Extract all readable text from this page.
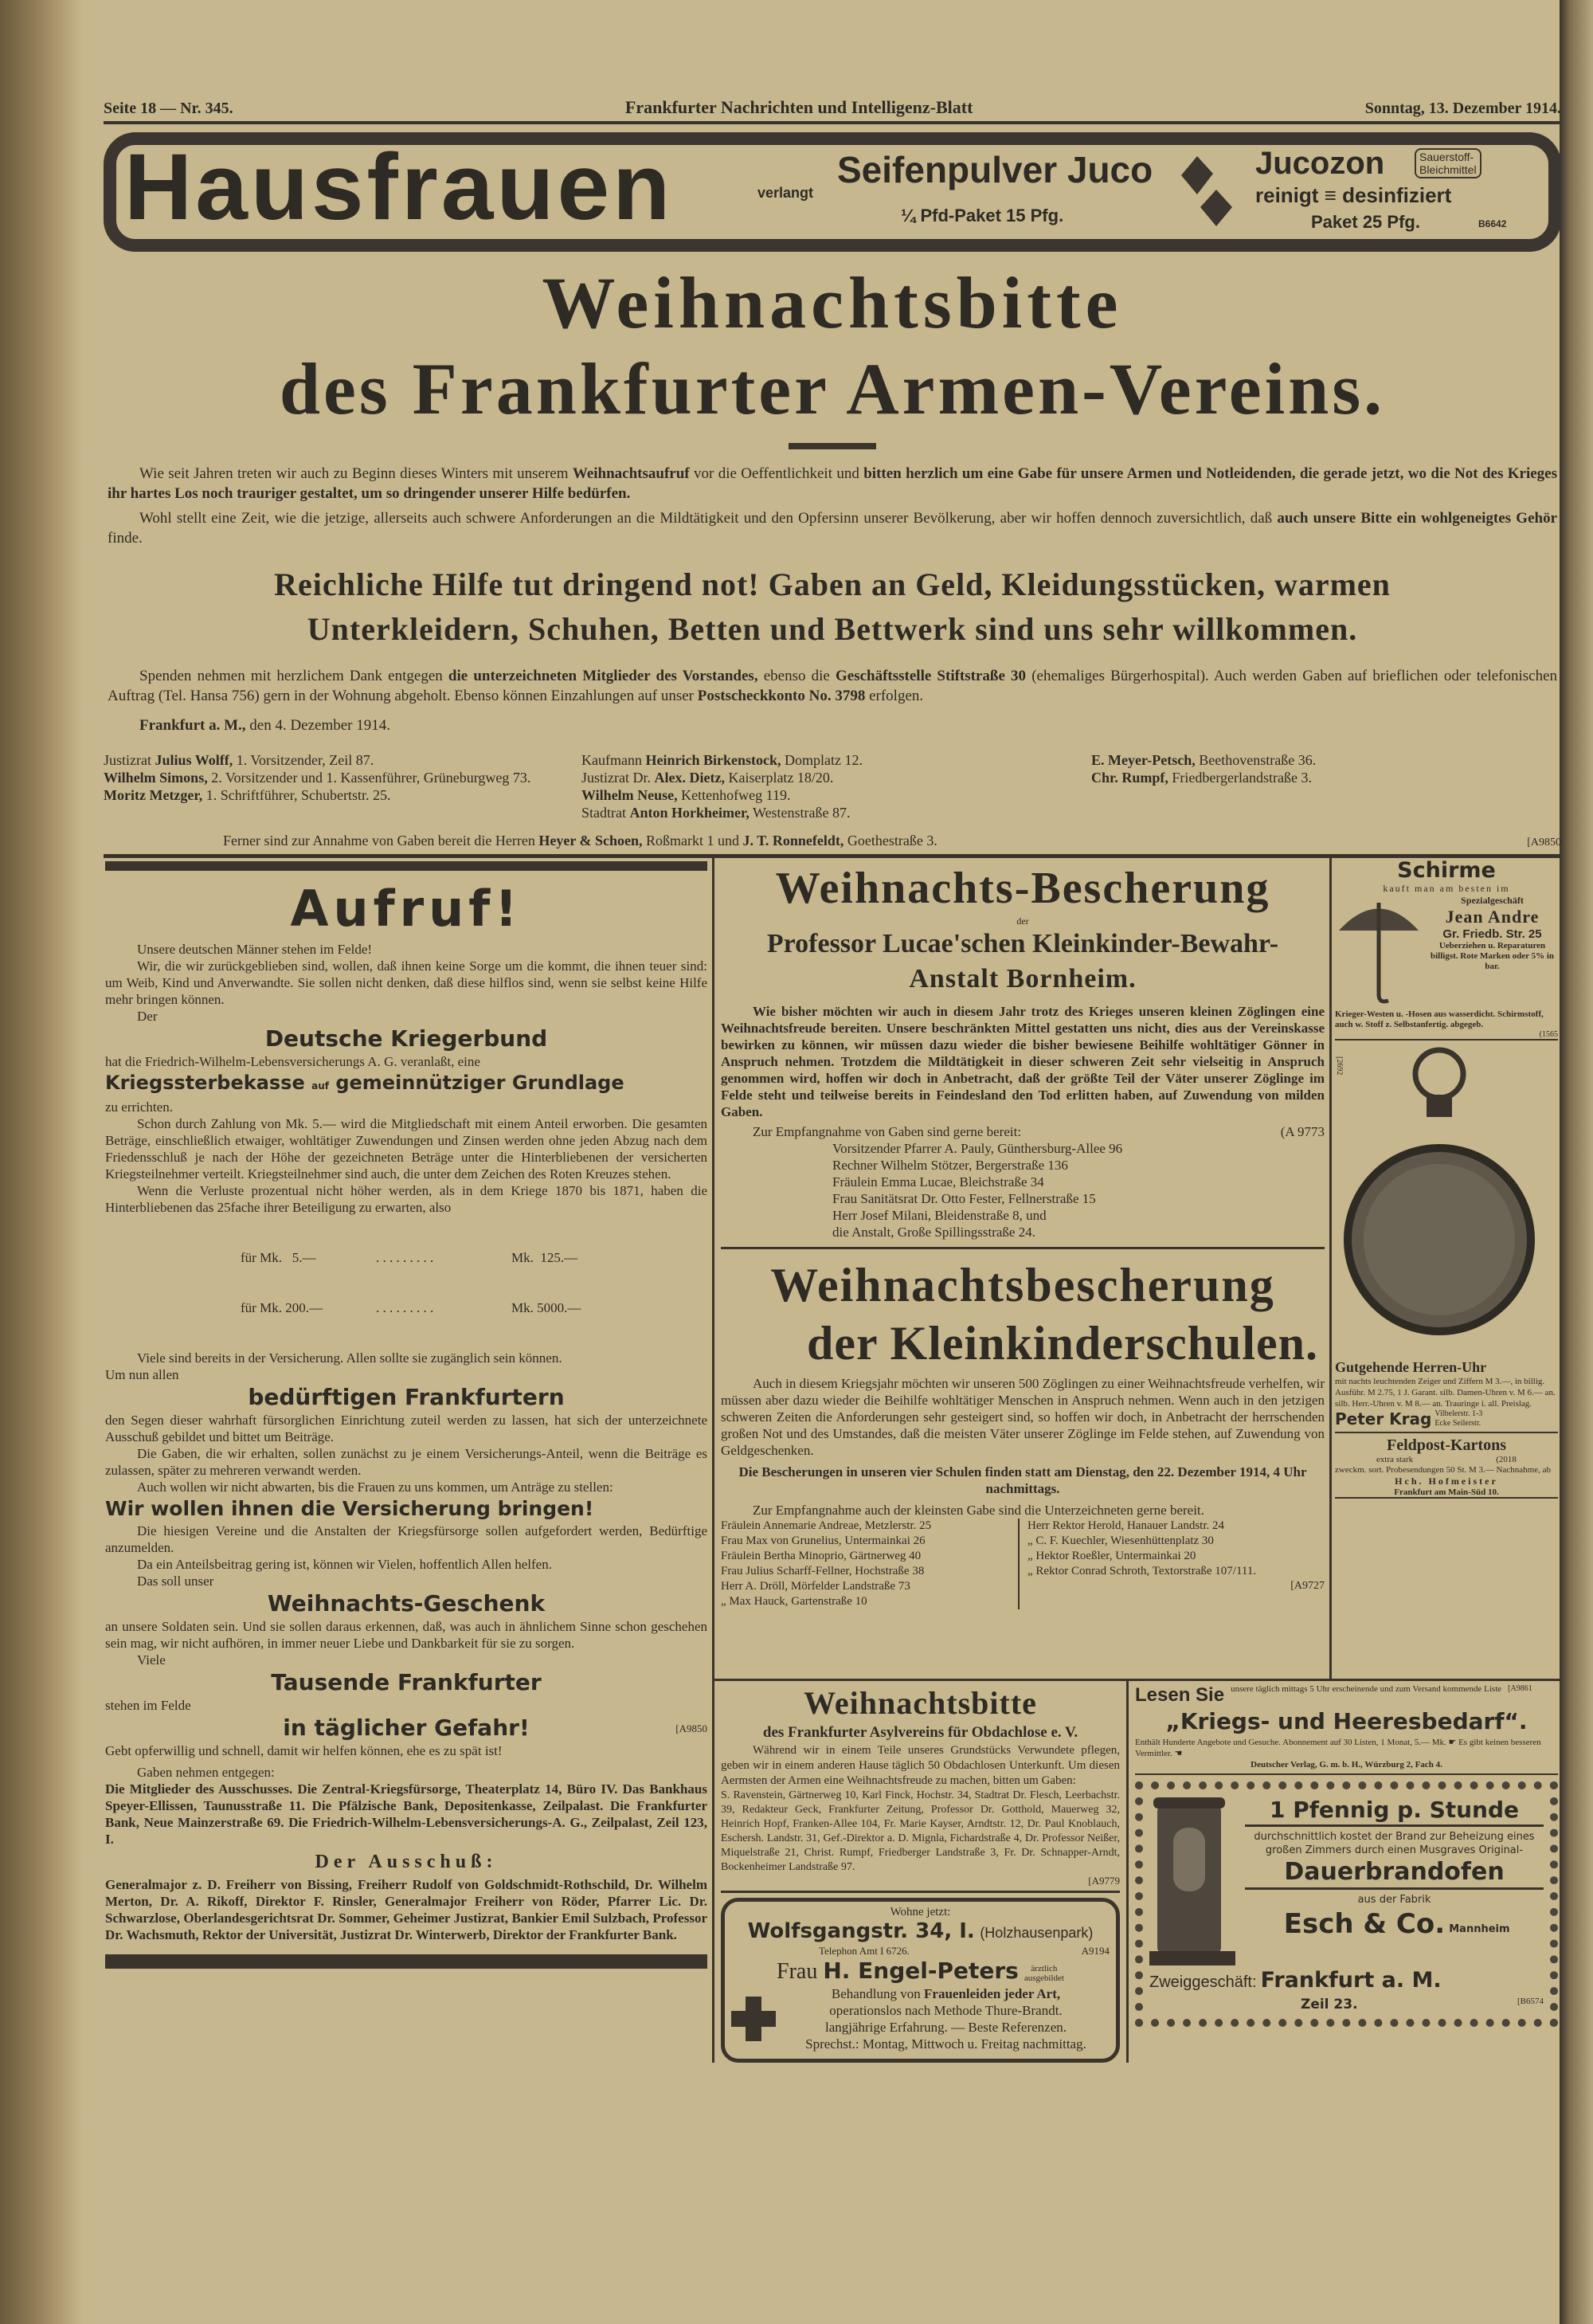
Seite 18 — Nr. 345.	Frankfurter Nachrichten und Intelligenz-Blatt	Sonntag, 13. Dezember 1914.
Hausfrauen	verlangt
Seifenpulver Juco
¼ Pfd-Paket 15 Pfg.
Jucozon	Sauerstoff-
Bleichmittel
reinigt ≡ desinfiziert
Paket 25 Pfg.	B6642
Weihnachtsbitte
des Frankfurter Armen-Vereins.

Wie seit Jahren treten wir auch zu Beginn dieses Winters mit unserem Weihnachtsaufruf vor die Oeffentlichkeit und bitten herzlich um eine Gabe für unsere Armen und Notleidenden, die gerade jetzt, wo die Not des Krieges ihr hartes Los noch trauriger gestaltet, um so dringender unserer Hilfe bedürfen.

Wohl stellt eine Zeit, wie die jetzige, allerseits auch schwere Anforderungen an die Mildtätigkeit und den Opfersinn unserer Bevölkerung, aber wir hoffen dennoch zuversichtlich, daß auch unsere Bitte ein wohlgeneigtes Gehör finde.

Reichliche Hilfe tut dringend not! Gaben an Geld, Kleidungsstücken, warmen
Unterkleidern, Schuhen, Betten und Bettwerk sind uns sehr willkommen.

Spenden nehmen mit herzlichem Dank entgegen die unterzeichneten Mitglieder des Vorstandes, ebenso die Geschäftsstelle Stiftstraße 30 (ehemaliges Bürgerhospital). Auch werden Gaben auf brieflichen oder telefonischen Auftrag (Tel. Hansa 756) gern in der Wohnung abgeholt. Ebenso können Einzahlungen auf unser Postscheckkonto No. 3798 erfolgen.

Frankfurt a. M., den 4. Dezember 1914.

Justizrat Julius Wolff, 1. Vorsitzender, Zeil 87.
Wilhelm Simons, 2. Vorsitzender und 1. Kassenführer, Grüneburgweg 73.
Moritz Metzger, 1. Schriftführer, Schubertstr. 25.
Kaufmann Heinrich Birkenstock, Domplatz 12.
Justizrat Dr. Alex. Dietz, Kaiserplatz 18/20.
Wilhelm Neuse, Kettenhofweg 119.
Stadtrat Anton Horkheimer, Westenstraße 87.
E. Meyer-Petsch, Beethovenstraße 36.
Chr. Rumpf, Friedbergerlandstraße 3.
Ferner sind zur Annahme von Gaben bereit die Herren Heyer & Schoen, Roßmarkt 1 und J. T. Ronnefeldt, Goethestraße 3.	[A9850
Aufruf!

Unsere deutschen Männer stehen im Felde!

Wir, die wir zurückgeblieben sind, wollen, daß ihnen keine Sorge um die kommt, die ihnen teuer sind: um Weib, Kind und Anverwandte. Sie sollen nicht denken, daß diese hilflos sind, wenn sie selbst keine Hilfe mehr bringen können.

Der

Deutsche Kriegerbund

hat die Friedrich-Wilhelm-Lebensversicherungs A. G. veranlaßt, eine

Kriegssterbekasse auf gemeinnütziger Grundlage

zu errichten.

Schon durch Zahlung von Mk. 5.— wird die Mitgliedschaft mit einem Anteil erworben. Die gesamten Beträge, einschließlich etwaiger, wohltätiger Zuwendungen und Zinsen werden ohne jeden Abzug nach dem Friedensschluß je nach der Höhe der gezeichneten Beträge unter die Hinterbliebenen der versicherten Kriegsteilnehmer verteilt. Kriegsteilnehmer sind auch, die unter dem Zeichen des Roten Kreuzes stehen.

Wenn die Verluste prozentual nicht höher werden, als in dem Kriege 1870 bis 1871, haben die Hinterbliebenen das 25fache ihrer Beteiligung zu erwarten, also

für Mk.   5.—	. . . . . . . . .	Mk.  125.—

für Mk. 200.—	. . . . . . . . .	Mk. 5000.—

Viele sind bereits in der Versicherung. Allen sollte sie zugänglich sein können.

Um nun allen

bedürftigen Frankfurtern

den Segen dieser wahrhaft fürsorglichen Einrichtung zuteil werden zu lassen, hat sich der unterzeichnete Ausschuß gebildet und bittet um Beiträge.

Die Gaben, die wir erhalten, sollen zunächst zu je einem Versicherungs-Anteil, wenn die Beiträge es zulassen, später zu mehreren verwandt werden.

Auch wollen wir nicht abwarten, bis die Frauen zu uns kommen, um Anträge zu stellen:

Wir wollen ihnen die Versicherung bringen!

Die hiesigen Vereine und die Anstalten der Kriegsfürsorge sollen aufgefordert werden, Bedürftige anzumelden.

Da ein Anteilsbeitrag gering ist, können wir Vielen, hoffentlich Allen helfen.

Das soll unser

Weihnachts-Geschenk

an unsere Soldaten sein. Und sie sollen daraus erkennen, daß, was auch in ähnlichem Sinne schon geschehen sein mag, wir nicht aufhören, in immer neuer Liebe und Dankbarkeit für sie zu sorgen.

Viele

Tausende Frankfurter

stehen im Felde

in täglicher Gefahr!	[A9850

Gebt opferwillig und schnell, damit wir helfen können, ehe es zu spät ist!

Gaben nehmen entgegen:

Die Mitglieder des Ausschusses. Die Zentral-Kriegsfürsorge, Theaterplatz 14, Büro IV. Das Bankhaus Speyer-Ellissen, Taunusstraße 11. Die Pfälzische Bank, Depositenkasse, Zeilpalast. Die Frankfurter Bank, Neue Mainzerstraße 69. Die Friedrich-Wilhelm-Lebensversicherungs-A. G., Zeilpalast, Zeil 123, I.

Der Ausschuß:

Generalmajor z. D. Freiherr von Bissing, Freiherr Rudolf von Goldschmidt-Rothschild, Dr. Wilhelm Merton, Dr. A. Rikoff, Direktor F. Rinsler, Generalmajor Freiherr von Röder, Pfarrer Lic. Dr. Schwarzlose, Oberlandesgerichtsrat Dr. Sommer, Geheimer Justizrat, Bankier Emil Sulzbach, Professor Dr. Wachsmuth, Rektor der Universität, Justizrat Dr. Winterwerb, Direktor der Frankfurter Bank.

Weihnachts-Bescherung
der
Professor Lucae'schen Kleinkinder-Bewahr-
Anstalt Bornheim.

Wie bisher möchten wir auch in diesem Jahr trotz des Krieges unseren kleinen Zöglingen eine Weihnachtsfreude bereiten. Unsere beschränkten Mittel gestatten uns nicht, dies aus der Vereinskasse bewirken zu können, wir müssen dazu wieder die bisher bewiesene Beihilfe wohltätiger Gönner in Anspruch nehmen. Trotzdem die Mildtätigkeit in dieser schweren Zeit sehr vielseitig in Anspruch genommen wird, hoffen wir doch in Anbetracht, daß der größte Teil der Väter unserer Zöglinge im Felde steht und teilweise bereits in Feindesland den Tod erlitten haben, auf Zuwendung von milden Gaben.

Zur Empfangnahme von Gaben sind gerne bereit:	(A 9773
Vorsitzender Pfarrer A. Pauly, Günthersburg-Allee 96
Rechner Wilhelm Stötzer, Bergerstraße 136
Fräulein Emma Lucae, Bleichstraße 34
Frau Sanitätsrat Dr. Otto Fester, Fellnerstraße 15
Herr Josef Milani, Bleidenstraße 8, und
die Anstalt, Große Spillingsstraße 24.
Weihnachtsbescherung
der Kleinkinderschulen.

Auch in diesem Kriegsjahr möchten wir unseren 500 Zöglingen zu einer Weihnachtsfreude verhelfen, wir müssen aber dazu wieder die Beihilfe wohltätiger Menschen in Anspruch nehmen. Wenn auch in den jetzigen schweren Zeiten die Anforderungen sehr gesteigert sind, so hoffen wir doch, in Anbetracht der herrschenden großen Not und des Umstandes, daß die meisten Väter unserer Zöglinge im Felde stehen, auf Zuwendung von Geldgeschenken.

Die Bescherungen in unseren vier Schulen finden statt am Dienstag, den 22. Dezember 1914, 4 Uhr nachmittags.

Zur Empfangnahme auch der kleinsten Gabe sind die Unterzeichneten gerne bereit.

Fräulein Annemarie Andreae, Metzlerstr. 25
Frau Max von Grunelius, Untermainkai 26
Fräulein Bertha Minoprio, Gärtnerweg 40
Frau Julius Scharff-Fellner, Hochstraße 38
Herr A. Dröll, Mörfelder Landstraße 73
„ Max Hauck, Gartenstraße 10
Herr Rektor Herold, Hanauer Landstr. 24
„ C. F. Kuechler, Wiesenhüttenplatz 30
„ Hektor Roeßler, Untermainkai 20
„ Rektor Conrad Schroth, Textorstraße 107/111.
[A9727
Schirme
kauft man am besten im
Spezialgeschäft
Jean Andre
Gr. Friedb. Str. 25
Ueberziehen u. Reparaturen billigst. Rote Marken oder 5% in bar.
Krieger-Westen u. -Hosen aus wasserdicht. Schirmstoff, auch w. Stoff z. Selbstanfertig. abgegeb.
(1565
[2692
Gutgehende Herren-Uhr
mit nachts leuchtenden Zeiger und Ziffern M 3.—, in billig. Ausführ. M 2.75, 1 J. Garant. silb. Damen-Uhren v. M 6.— an. silb. Herr.-Uhren v. M 8.— an. Trauringe i. all. Preislag.
Peter Krag Vilbelerstr. 1-3
Ecke Seilerstr.
Feldpost-Kartons
extra stark	(2018
zweckm. sort. Probesendungen 50 St. M 3.— Nachnahme, ab
Hch. Hofmeister
Frankfurt am Main-Süd 10.
Weihnachtsbitte
des Frankfurter Asylvereins für Obdachlose e. V.

Während wir in einem Teile unseres Grundstücks Verwundete pflegen, geben wir in einem anderen Hause täglich 50 Obdachlosen Unterkunft. Um diesen Aermsten der Armen eine Weihnachtsfreude zu machen, bitten um Gaben:

S. Ravenstein, Gärtnerweg 10, Karl Finck, Hochstr. 34, Stadtrat Dr. Flesch, Leerbachstr. 39, Redakteur Geck, Frankfurter Zeitung, Professor Dr. Gotthold, Mauerweg 32, Heinrich Hopf, Franken-Allee 104, Fr. Marie Kayser, Arndtstr. 12, Dr. Paul Knoblauch, Eschersh. Landstr. 31, Gef.-Direktor a. D. Mignla, Fichardstraße 4, Dr. Professor Neißer, Miquelstraße 21, Christ. Rumpf, Friedberger Landstraße 3, Fr. Dr. Schnapper-Arndt, Bockenheimer Landstraße 97.

[A9779
Wohne jetzt:
Wolfsgangstr. 34, I. (Holzhausenpark)
Telephon Amt I 6726.	A9194
Frau H. Engel-Peters ärztlich
ausgebildet
Behandlung von Frauenleiden jeder Art,
operationslos nach Methode Thure-Brandt.
langjährige Erfahrung. — Beste Referenzen.
Sprechst.: Montag, Mittwoch u. Freitag nachmittag.
Lesen Sie unsere täglich mittags 5 Uhr erscheinende und zum Versand kommende Liste [A9861
„Kriegs- und Heeresbedarf“.
Enthält Hunderte Angebote und Gesuche. Abonnement auf 30 Listen, 1 Monat, 5.— Mk. ☛ Es gibt keinen besseren Vermittler. ☚
Deutscher Verlag, G. m. b. H., Würzburg 2, Fach 4.
1 Pfennig p. Stunde
durchschnittlich kostet der Brand zur Beheizung eines großen Zimmers durch einen Musgraves Original-
Dauerbrandofen
aus der Fabrik
Esch & Co. Mannheim
Zweiggeschäft: Frankfurt a. M.
Zeil 23.	[B6574
